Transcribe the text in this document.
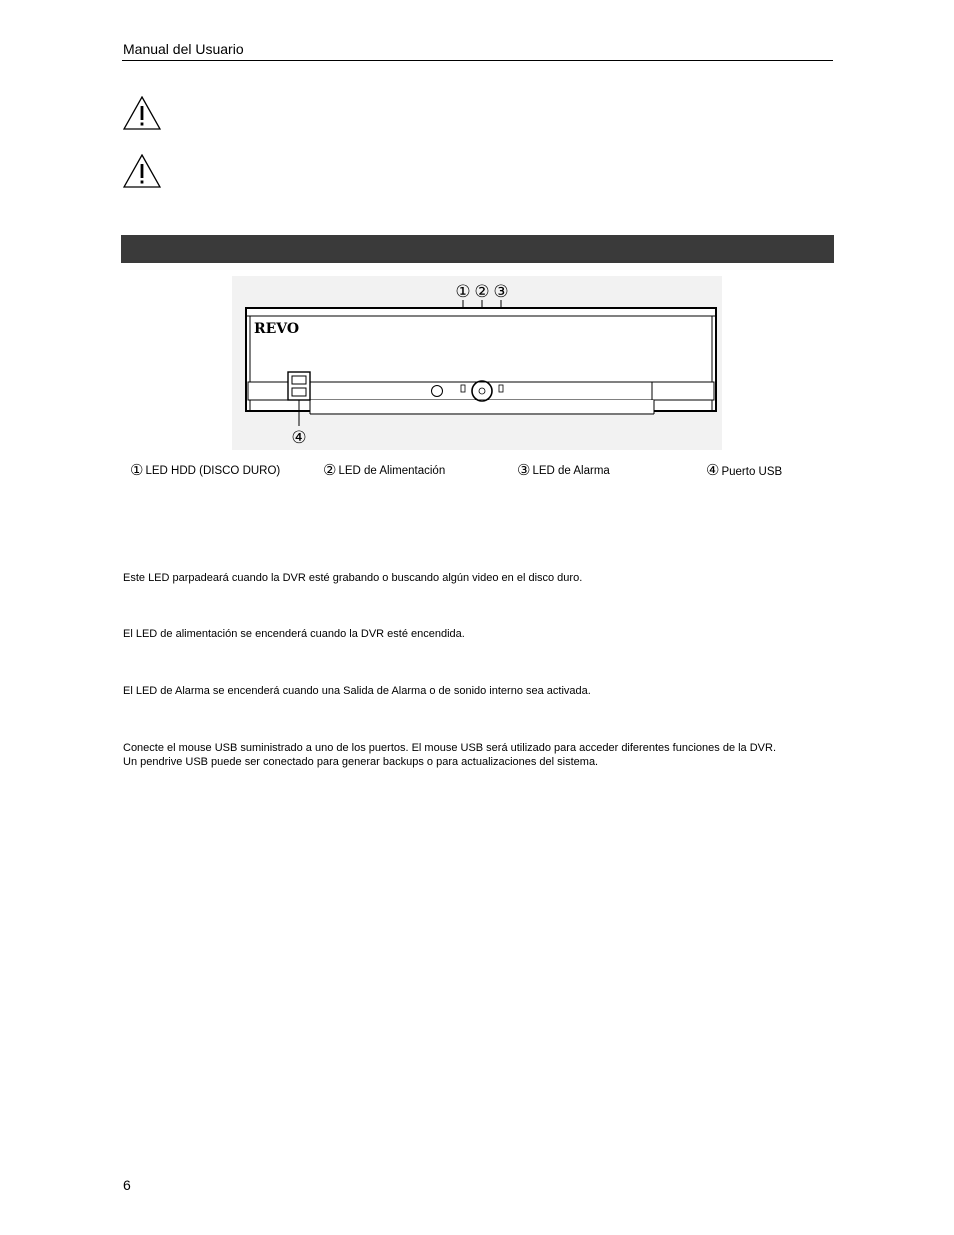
Manual del Usuario
① ② ③
REVO
④
① LED HDD (DISCO DURO)	② LED de Alimentación	③ LED de Alarma	④ Puerto USB
Este LED parpadeará cuando la DVR esté grabando o buscando algún video en el disco duro.
El LED de alimentación se encenderá cuando la DVR esté encendida.
El LED de Alarma se encenderá cuando una Salida de Alarma o de sonido interno sea activada.
Conecte el mouse USB suministrado a uno de los puertos. El mouse USB será utilizado para acceder diferentes funciones de la DVR.
Un pendrive USB puede ser conectado para generar backups o para actualizaciones del sistema.
6
